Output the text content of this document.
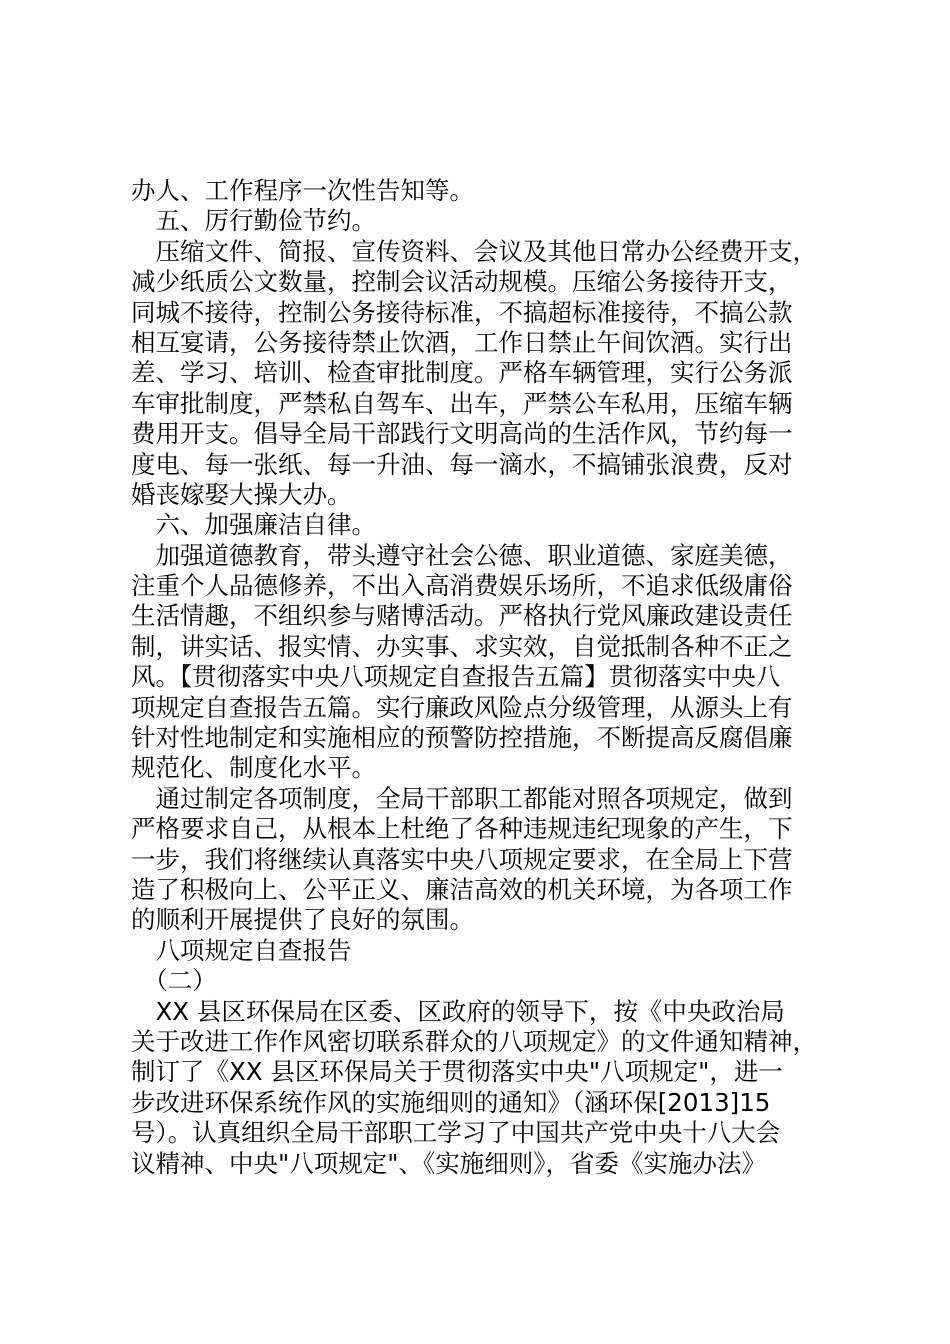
办人、工作程序一次性告知等。
　五、厉行勤俭节约。
　压缩文件、简报、宣传资料、会议及其他日常办公经费开支，
减少纸质公文数量，控制会议活动规模。压缩公务接待开支，
同城不接待，控制公务接待标准，不搞超标准接待，不搞公款
相互宴请，公务接待禁止饮酒，工作日禁止午间饮酒。实行出
差、学习、培训、检查审批制度。严格车辆管理，实行公务派
车审批制度，严禁私自驾车、出车，严禁公车私用，压缩车辆
费用开支。倡导全局干部践行文明高尚的生活作风，节约每一
度电、每一张纸、每一升油、每一滴水，不搞铺张浪费，反对
婚丧嫁娶大操大办。
　六、加强廉洁自律。
　加强道德教育，带头遵守社会公德、职业道德、家庭美德，
注重个人品德修养，不出入高消费娱乐场所，不追求低级庸俗
生活情趣，不组织参与赌博活动。严格执行党风廉政建设责任
制，讲实话、报实情、办实事、求实效，自觉抵制各种不正之
风。【贯彻落实中央八项规定自查报告五篇】贯彻落实中央八
项规定自查报告五篇。实行廉政风险点分级管理，从源头上有
针对性地制定和实施相应的预警防控措施，不断提高反腐倡廉
规范化、制度化水平。
　通过制定各项制度，全局干部职工都能对照各项规定，做到
严格要求自己，从根本上杜绝了各种违规违纪现象的产生，下
一步，我们将继续认真落实中央八项规定要求，在全局上下营
造了积极向上、公平正义、廉洁高效的机关环境，为各项工作
的顺利开展提供了良好的氛围。
　八项规定自查报告
　（二）
　XX 县区环保局在区委、区政府的领导下，按《中央政治局
关于改进工作作风密切联系群众的八项规定》的文件通知精神，
制订了《XX 县区环保局关于贯彻落实中央"八项规定"，进一
步改进环保系统作风的实施细则的通知》（涵环保[2013]15
号）。认真组织全局干部职工学习了中国共产党中央十八大会
议精神、中央"八项规定"、《实施细则》，省委《实施办法》
